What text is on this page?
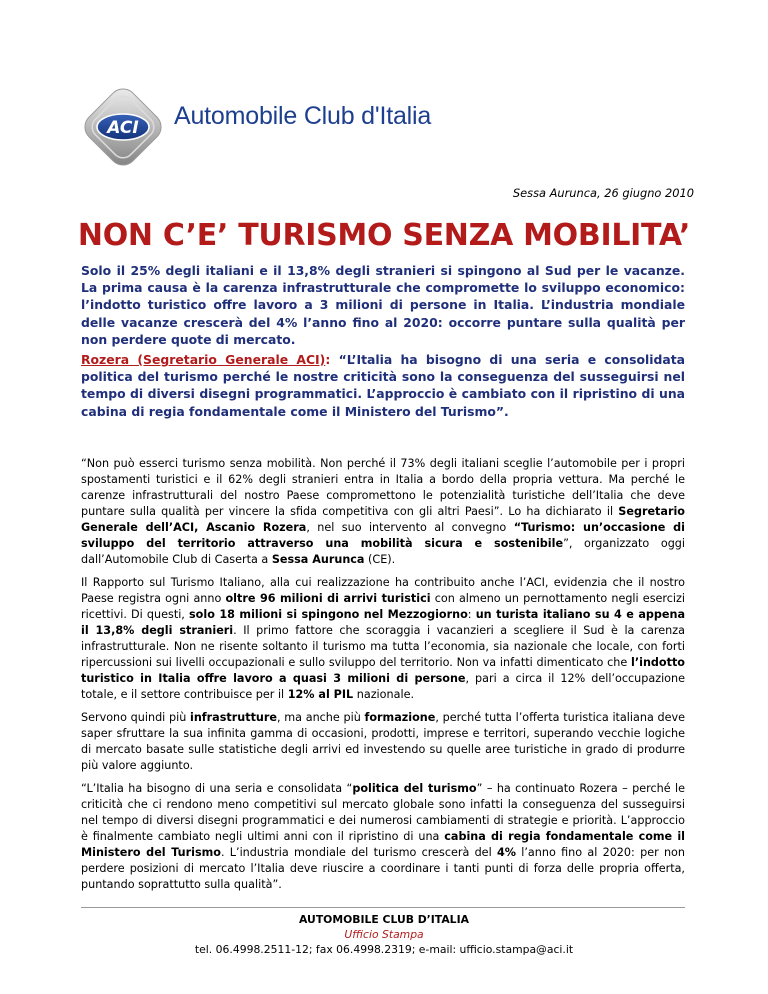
ACI Automobile Club d'Italia
Sessa Aurunca, 26 giugno 2010
NON C’E’ TURISMO SENZA MOBILITA’
Solo il 25% degli italiani e il 13,8% degli stranieri si spingono al Sud per le vacanze. La prima causa è la carenza infrastrutturale che compromette lo sviluppo economico: l’indotto turistico offre lavoro a 3 milioni di persone in Italia. L’industria mondiale delle vacanze crescerà del 4% l’anno fino al 2020: occorre puntare sulla qualità per non perdere quote di mercato.
Rozera (Segretario Generale ACI): “L’Italia ha bisogno di una seria e consolidata politica del turismo perché le nostre criticità sono la conseguenza del susseguirsi nel tempo di diversi disegni programmatici. L’approccio è cambiato con il ripristino di una cabina di regia fondamentale come il Ministero del Turismo”.

“Non può esserci turismo senza mobilità. Non perché il 73% degli italiani sceglie l’automobile per i propri spostamenti turistici e il 62% degli stranieri entra in Italia a bordo della propria vettura. Ma perché le carenze infrastrutturali del nostro Paese compromettono le potenzialità turistiche dell’Italia che deve puntare sulla qualità per vincere la sfida competitiva con gli altri Paesi”. Lo ha dichiarato il Segretario Generale dell’ACI, Ascanio Rozera, nel suo intervento al convegno “Turismo: un’occasione di sviluppo del territorio attraverso una mobilità sicura e sostenibile”, organizzato oggi dall’Automobile Club di Caserta a Sessa Aurunca (CE).

Il Rapporto sul Turismo Italiano, alla cui realizzazione ha contribuito anche l’ACI, evidenzia che il nostro Paese registra ogni anno oltre 96 milioni di arrivi turistici con almeno un pernottamento negli esercizi ricettivi. Di questi, solo 18 milioni si spingono nel Mezzogiorno: un turista italiano su 4 e appena il 13,8% degli stranieri. Il primo fattore che scoraggia i vacanzieri a scegliere il Sud è la carenza infrastrutturale. Non ne risente soltanto il turismo ma tutta l’economia, sia nazionale che locale, con forti ripercussioni sui livelli occupazionali e sullo sviluppo del territorio. Non va infatti dimenticato che l’indotto turistico in Italia offre lavoro a quasi 3 milioni di persone, pari a circa il 12% dell’occupazione totale, e il settore contribuisce per il 12% al PIL nazionale.

Servono quindi più infrastrutture, ma anche più formazione, perché tutta l’offerta turistica italiana deve saper sfruttare la sua infinita gamma di occasioni, prodotti, imprese e territori, superando vecchie logiche di mercato basate sulle statistiche degli arrivi ed investendo su quelle aree turistiche in grado di produrre più valore aggiunto.

“L’Italia ha bisogno di una seria e consolidata “politica del turismo” – ha continuato Rozera – perché le criticità che ci rendono meno competitivi sul mercato globale sono infatti la conseguenza del susseguirsi nel tempo di diversi disegni programmatici e dei numerosi cambiamenti di strategie e priorità. L’approccio è finalmente cambiato negli ultimi anni con il ripristino di una cabina di regia fondamentale come il Ministero del Turismo. L’industria mondiale del turismo crescerà del 4% l’anno fino al 2020: per non perdere posizioni di mercato l’Italia deve riuscire a coordinare i tanti punti di forza delle propria offerta, puntando soprattutto sulla qualità”.

AUTOMOBILE CLUB D’ITALIA
Ufficio Stampa
tel. 06.4998.2511-12; fax 06.4998.2319; e-mail: ufficio.stampa@aci.it
